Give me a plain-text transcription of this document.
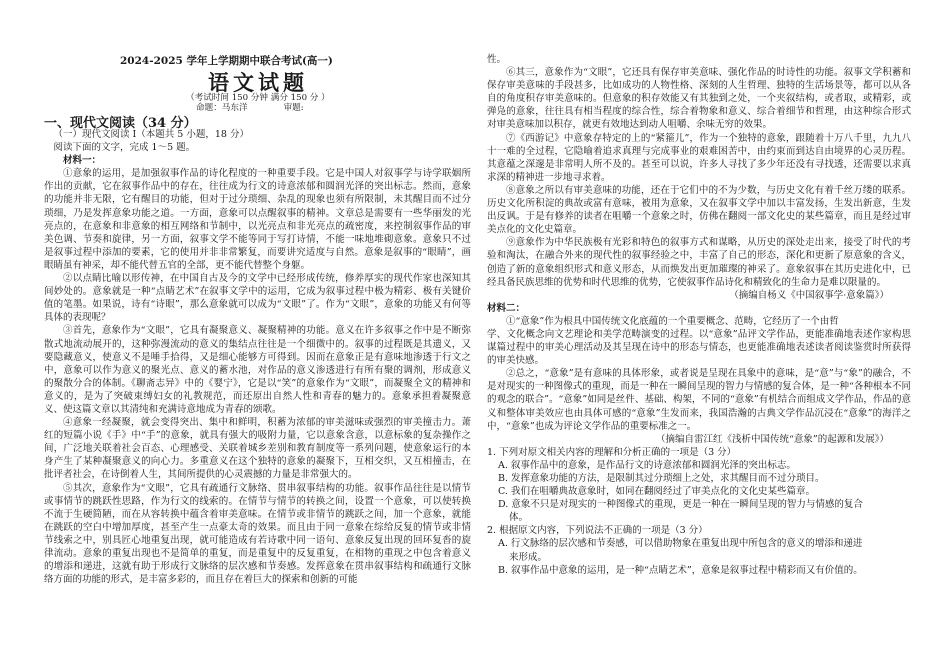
2024-2025 学年上学期期中联合考试(高一)
语文试题
（考试时间 150 分钟 满分 150 分 ）
命题：马东洋	审题:
一、现代文阅读（34 分）

（一）现代文阅读 Ⅰ（本题共 5 小题，18 分）

阅读下面的文字，完成 1～5 题。

材料一：

①意象的运用，是加强叙事作品的诗化程度的一种重要手段。它是中国人对叙事学与诗学联姻所作出的贡献，它在叙事作品中的存在，往往成为行文的诗意浓郁和圆润光泽的突出标志。然而，意象的功能并非无限，它有醒目的功能，但对于过分琐细、杂乱的现象也须有所限制，未其醒目而不过分琐细，乃是发挥意象功能之道。一方面，意象可以点醒叙事的精神。文章总是需要有一些华丽发的光亮点的，在意象和非意象的相互网络和节制中，以光亮点和非光亮点的疏密度，来控制叙事作品的审美色调、节奏和旋律，另一方面，叙事文学不能等同于写打诗情，不能一味地堆砌意象。意象只不过是叙事过程中添加的要素，它的使用并非非常繁复，而要讲究适度与自然。意象是叙事的“眼睛”，画眼睛虽有神采，却不能代替五官的全部，更不能代替整个身躯。

②以点睛比喻以形传神，在中国自古及今的文学中已经形成传统，修养厚实的现代作家也深知其间妙处的。意象就是一种“点睛艺术”在叙事文学中的运用，它成为叙事过程中极为精彩、极有关键价值的笔墨。如果说，诗有“诗眼”，那么意象就可以成为“文眼”了。作为“文眼”，意象的功能又有何等具体的表现呢？

③首先，意象作为“文眼”，它具有凝聚意义、凝聚精神的功能。意义在许多叙事之作中是不断弥散式地流动展开的，这种弥漫流动的意义的集结点往往是一个细微中的。叙事的过程既是其遗义，又要隐藏意义，使意义不是唾手拾得，又是细心能够方可得到。因而在意象正是有意味地渗透于行文之中，意象可以作为意义的聚光点、意义的蓄水池，对作品的意义渗透进行有所有聚的调剂，形成意义的聚散分合的体制。《聊斋志异》中的《婴宁》，它是以“笑”的意象作为“文眼”，而凝聚全文的精神和意义的，是为了突破束缚妇女的礼教规范，而还原出自然人性和青春的魅力的。意象承担着凝聚意义、使这篇文章以其清纯和充满诗意地成为青春的颂歌。

④意象一经凝聚，就会变得突出、集中和鲜明，积蓄为浓郁的审美滋味或强烈的审美撞击力。萧红的短篇小说《手》中“手”的意象，就具有强大的吸附力量，它以意象含意，以意标象的复杂操作之间，广泛地关联着社会百态、心理感受、关联着城乡差别和教育制度等一系列问题，使意象运行的本身产生了某种凝聚意义的向心力。多重意义在这个独特的意象的凝聚下，互相交织，又互相撞击，在批评者社会，在诗倒着人生，其间所提供的心灵震撼的力量是非常强大的。

⑤其次，意象作为“文眼”，它具有疏通行文脉络、贯串叙事结构的功能。叙事作品往往是以情节或事情节的跳跃性思路，作为行文的线索的。在情节与情节的转换之间，设置一个意象，可以使转换不流于生硬简陋，而在从容转换中蕴含着审美意味。在情节或非情节的跳跃之间，加一个意象，就能在跳跃的空白中增加厚度，甚至产生一点豪太奇的效果。而且由于同一意象在综给反复的情节或非情节线索之中，别具匠心地重复出现，就可能造成有若诗歌中同一语句、意象反复出现的回环复沓的旋律流动。意象的重复出现也不是简单的重复，而是重复中的反复重复，在相物的重现之中包含着意义的增添和递进，这就有助于形成行文脉络的层次感和节奏感。发挥意象在贯串叙事结构和疏通行文脉络方面的功能的形式，是丰富多彩的，而且存在着巨大的探索和创新的可能

性。

⑥其三，意象作为“文眼”，它还具有保存审美意味、强化作品的时诗性的功能。叙事文学积蓄和保存审美意味的手段甚多，比如成功的人物性格、深刻的人生哲理、独特的生活场景等，都可以从各自的角度积存审美意味的。但意象的积存效能又有其独到之处，一个夹叙结构，或者取，或精彩，或弹凫的意象，往往具有相当程度的综合性，综合着物象和意义、综合着细节和哲理，由这种综合形式对审美意味加以积存，就更有效地达到动人咀嚼、余味无穷的效果。

⑦《西游记》中意象存特定的上的“紧箍儿”，作为一个独特的意象，跟随着十万八千里，九九八十一难的全过程，它隐喻着追求真理与完成事业的艰难困苦中，由约束而到达自由境界的心灵历程。其意蕴之深邃是非常明人所不及的。甚至可以说，许多人寻找了多少年还没有寻找透，还需要以求真求深的精神进一步地寻求着。

⑧意象之所以有审美意味的功能，还在于它们中的不为少数，与历史文化有着千丝万缕的联系。历史文化所积淀的典故或富有意味，被用为意象，又在叙事文学中加以丰富发扬，生发出新意，生发出反讽。于是有修养的读者在咀嚼一个意象之时，仿佛在翻阅一部文化史的某些篇章，而且是经过审美点化的文化史篇章。

⑨意象作为中华民族极有光彩和特色的叙事方式和谋略，从历史的深处走出来，接受了时代的考验和淘汰，在融合外来的现代性的叙事经验之中，丰富了自己的形态，深化和更新了原意象的含义，创造了新的意象组织形式和意义形态，从而焕发出更加璀璨的神采了。意象叙事在其历史进化中，已经具备民族思维的优势和时代思维的优势，它使叙事作品诗化和精致化的生命力是难以限量的。

（摘编自杨义《中国叙事学·意象篇》）

材料二：

①“意象”作为根具中国传统文化底蕴的一个重要概念、范畴，它经历了一个由哲

学、文化概念向文艺理论和美学范畴演变的过程。以“意象”品评文学作品，更能准确地表述作家构思谋篇过程中的审美心理活动及其呈现在诗中的形态与情态，也更能准确地表述读者阅读鉴赏时所获得的审美快感。

②总之，“意象”是有意味的具体形象，或者说是呈现在具象中的意味，是“意”与“象”的融合，不是对现实的一种图像式的重现，而是一种在一瞬间呈现的智力与情感的复合体，是一种“各种根本不同的观念的联合”。“意象”如同是丝件、基础、构架，不同的“意象”有机结合而组成文学作品，作品的意义和整体审美效应也由具体可感的“意象”生发而来，我国浩瀚的古典文学作品沉浸在“意象”的海洋之中，“意象”也成为评论文学作品的重要标准之一。

（摘编自雷江红《浅析中国传统“意象”的起源和发展》）

1. 下列对原文相关内容的理解和分析正确的一项是（3 分）

A. 叙事作品中的意象，是作品行文的诗意浓郁和圆润光泽的突出标志。

B. 发挥意象功能的方法，是限制其过分琐细上之处，求其醒目而不过分琐目。

C. 我们在咀嚼典故意象时，如同在翻阅经过了审美点化的文化史某些篇章。

D. 意象不只是对现实的一种图像式的重现，更是一种在一瞬间呈现的智力与情感的复合

体。

2. 根据原文内容，下列说法不正确的一项是（3 分）

A. 行文脉络的层次感和节奏感，可以借助物象在重复出现中所包含的意义的增添和递进

来形成。

B. 叙事作品中意象的运用，是一种“点睛艺术”，意象是叙事过程中精彩而又有价值的。
